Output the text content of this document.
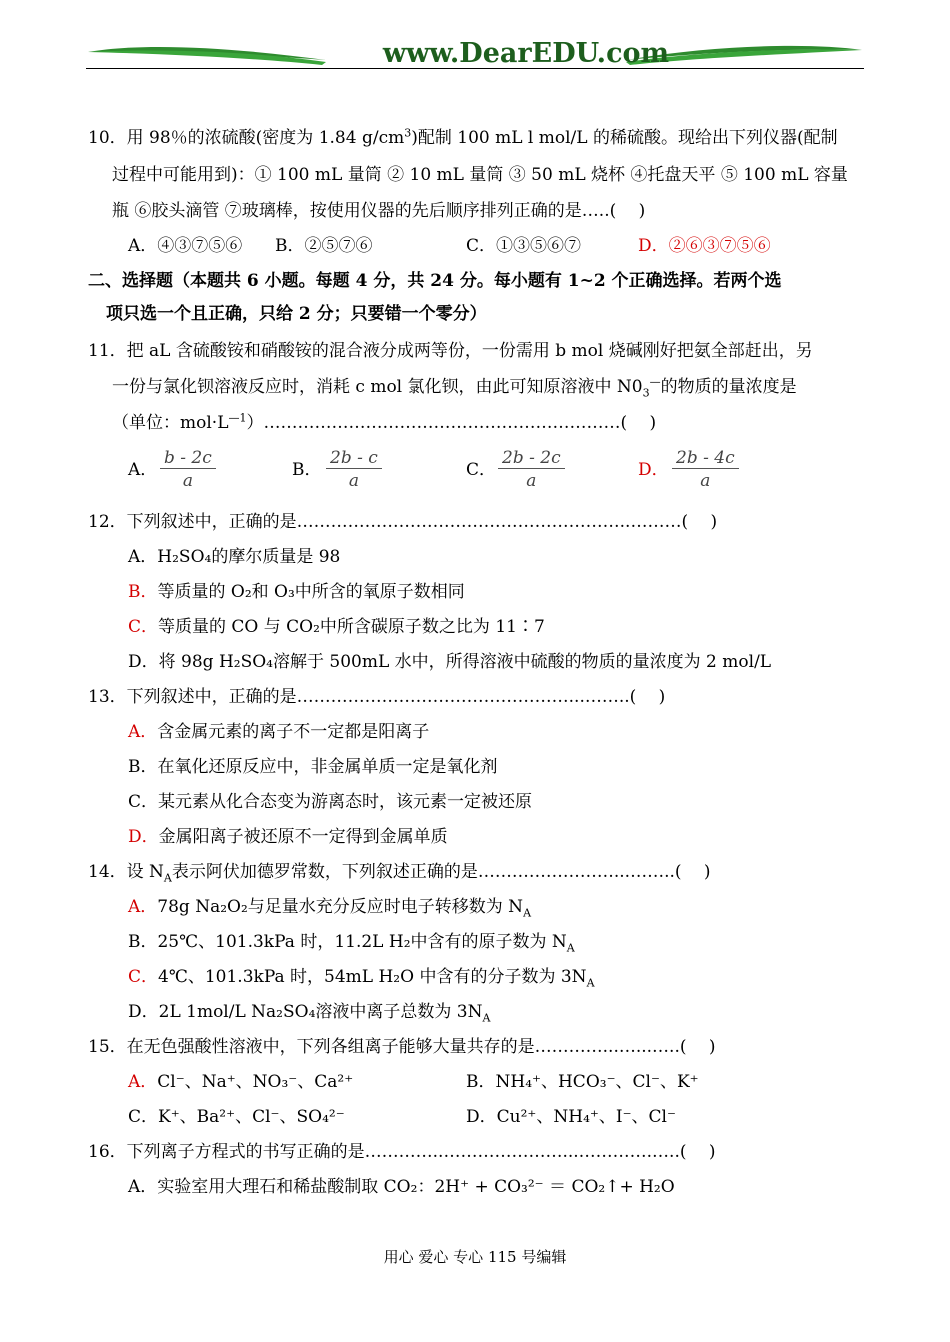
www.DearEDU.com
10．用 98％的浓硫酸(密度为 1.84 $g/cm^3$)配制 100 mL l mol/L 的稀硫酸。现给出下列仪器(配制
过程中可能用到)：① 100 mL 量筒 ② 10 mL 量筒 ③ 50 mL 烧杯 ④托盘天平 ⑤ 100 mL 容量
瓶 ⑥胶头滴管 ⑦玻璃棒，按使用仪器的先后顺序排列正确的是…..(　 )
A．④③⑦⑤⑥ B．②⑤⑦⑥	C．①③⑤⑥⑦	D．②⑥③⑦⑤⑥
二、选择题（本题共 6 小题。每题 4 分，共 24 分。每小题有 1~2 个正确选择。若两个选
项只选一个且正确，只给 2 分；只要错一个零分）
11．把 aL 含硫酸铵和硝酸铵的混合液分成两等份，一份需用 b mol 烧碱刚好把氨全部赶出，另
一份与氯化钡溶液反应时，消耗 c mol 氯化钡，由此可知原溶液中 $N0_3^—$的物质的量浓度是
（单位：$mol\cdot L^{—1})\dots\dots\dots\dots\dots\dots\dots\dots\dots\dots\dots\dots\dots\dots\dots\dots\dots\dots\dots\dots\dots$(　 )
A． $\frac{b - 2c}{a}$	B． $\frac{2b - c}{a}$	C． $\frac{2b - 2c}{a}$	D． $\frac{2b - 4c}{a}$
12．下列叙述中，正确的是…………………………………………………..………(　 )
A．H₂SO₄的摩尔质量是 98
B．等质量的 O₂和 O₃中所含的氧原子数相同
C．等质量的 CO 与 CO₂中所含碳原子数之比为 11∶7
D．将 98g H₂SO₄溶解于 500mL 水中，所得溶液中硫酸的物质的量浓度为 2 mol/L
13．下列叙述中，正确的是…………………………………………...……..(　 )
A．含金属元素的离子不一定都是阳离子
B．在氧化还原反应中，非金属单质一定是氧化剂
C．某元素从化合态变为游离态时，该元素一定被还原
D．金属阳离子被还原不一定得到金属单质
14．设 $N_A$表示阿伏加德罗常数，下列叙述正确的是……………………...……..(　 )
A．78g Na₂O₂与足量水充分反应时电子转移数为 $N_A$
B．25℃、101.3kPa 时，11.2L H₂中含有的原子数为 $N_A$
C．4℃、101.3kPa 时，54mL H₂O 中含有的分子数为 $3N_A$
D．2L 1mol/L Na₂SO₄溶液中离子总数为 $3N_A$
15．在无色强酸性溶液中，下列各组离子能够大量共存的是…………...…...…..(　 )
A．Cl⁻、Na⁺、NO₃⁻、Ca²⁺	B．NH₄⁺、HCO₃⁻、Cl⁻、K⁺
C．K⁺、Ba²⁺、Cl⁻、SO₄²⁻	D．Cu²⁺、NH₄⁺、I⁻、Cl⁻
16．下列离子方程式的书写正确的是…………..…………………...………….…..(　 )
A．实验室用大理石和稀盐酸制取 CO₂：2H⁺ + CO₃²⁻ ＝ CO₂↑+ H₂O
用心 爱心 专心 115 号编辑
